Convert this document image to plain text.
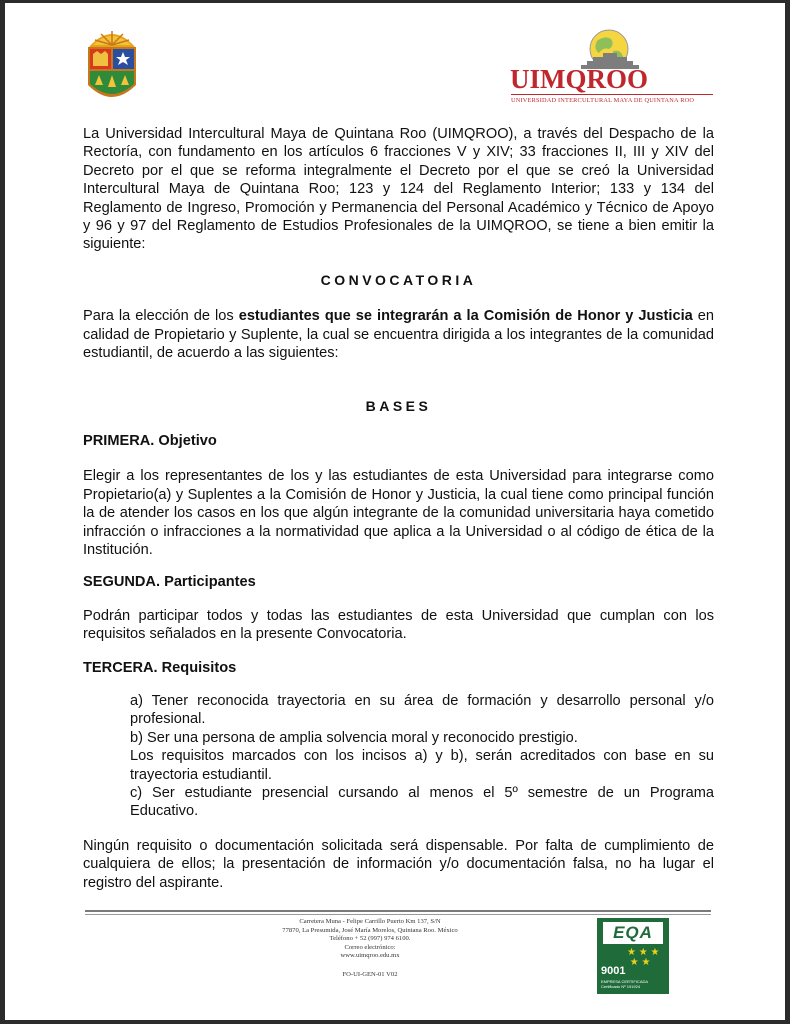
UIMQROO
UNIVERSIDAD INTERCULTURAL MAYA DE QUINTANA ROO

La Universidad Intercultural Maya de Quintana Roo (UIMQROO), a través del Despacho de la Rectoría, con fundamento en los artículos 6 fracciones V y XIV; 33 fracciones II, III y XIV del Decreto por el que se reforma integralmente el Decreto por el que se creó la Universidad Intercultural Maya de Quintana Roo; 123 y 124 del Reglamento Interior; 133 y 134 del Reglamento de Ingreso, Promoción y Permanencia del Personal Académico y Técnico de Apoyo y 96 y 97 del Reglamento de Estudios Profesionales de la UIMQROO, se tiene a bien emitir la siguiente:

CONVOCATORIA

Para la elección de los estudiantes que se integrarán a la Comisión de Honor y Justicia en calidad de Propietario y Suplente, la cual se encuentra dirigida a los integrantes de la comunidad estudiantil, de acuerdo a las siguientes:

BASES

PRIMERA. Objetivo

Elegir a los representantes de los y las estudiantes de esta Universidad para integrarse como Propietario(a) y Suplentes a la Comisión de Honor y Justicia, la cual tiene como principal función la de atender los casos en los que algún integrante de la comunidad universitaria haya cometido infracción o infracciones a la normatividad que aplica a la Universidad o al código de ética de la Institución.

SEGUNDA. Participantes

Podrán participar todos y todas las estudiantes de esta Universidad que cumplan con los requisitos señalados en la presente Convocatoria.

TERCERA. Requisitos

a) Tener reconocida trayectoria en su área de formación y desarrollo personal y/o profesional.

b) Ser una persona de amplia solvencia moral y reconocido prestigio.

Los requisitos marcados con los incisos a) y b), serán acreditados con base en su trayectoria estudiantil.

c) Ser estudiante presencial cursando al menos el 5º semestre de un Programa Educativo.

Ningún requisito o documentación solicitada será dispensable. Por falta de cumplimiento de cualquiera de ellos; la presentación de información y/o documentación falsa, no ha lugar el registro del aspirante.

Carretera Muna - Felipe Carrillo Puerto Km 137, S/N
77870, La Presumida, José María Morelos, Quintana Roo. México
Teléfono + 52 (997) 974 6100.
Correo electrónico:
www.uimqroo.edu.mx
FO-UI-GEN-01 V02
EQA
★ ★ ★
★ ★
9001
EMPRESA CERTIFICADA
Certificado Nº 191924
